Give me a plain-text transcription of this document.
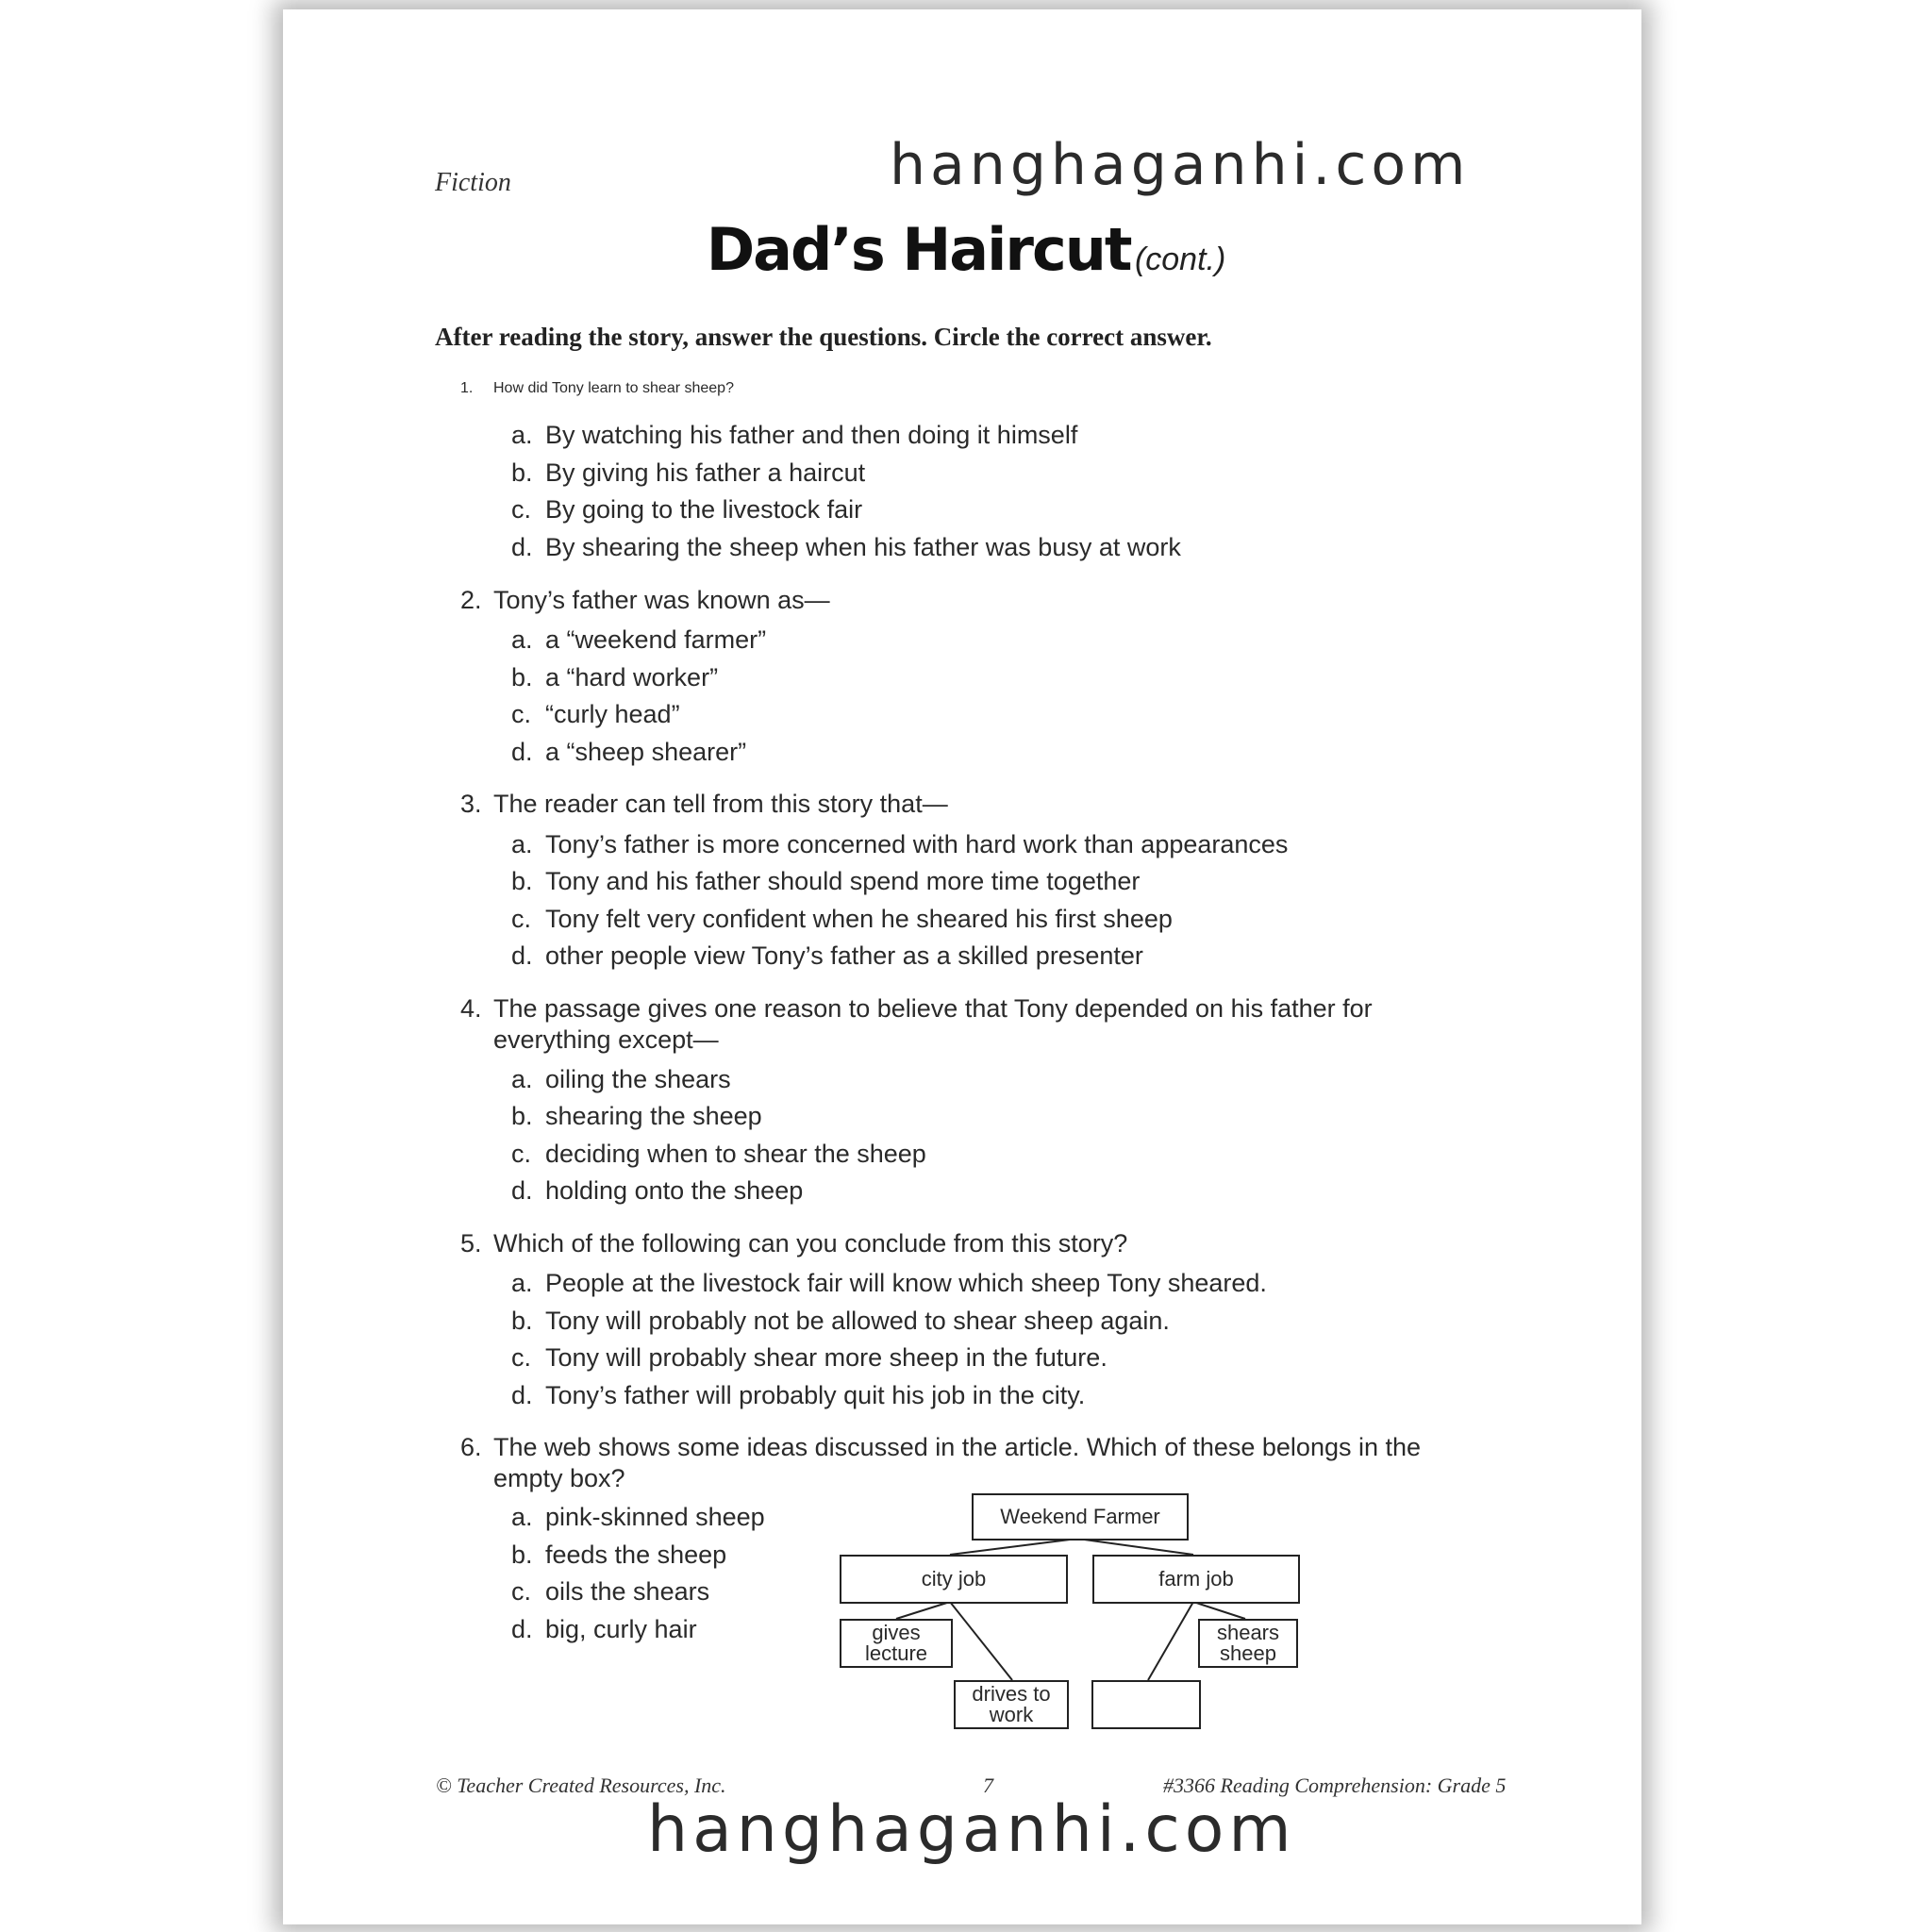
hanghaganhi.com
Fiction
Dad’s Haircut (cont.)
After reading the story, answer the questions. Circle the correct answer.
1.	How did Tony learn to shear sheep?
a. By watching his father and then doing it himself
b. By giving his father a haircut
c. By going to the livestock fair
d. By shearing the sheep when his father was busy at work
2. Tony’s father was known as—
a. a “weekend farmer”
b. a “hard worker”
c. “curly head”
d. a “sheep shearer”
3. The reader can tell from this story that—
a. Tony’s father is more concerned with hard work than appearances
b. Tony and his father should spend more time together
c. Tony felt very confident when he sheared his first sheep
d. other people view Tony’s father as a skilled presenter
4. The passage gives one reason to believe that Tony depended on his father for everything except—
a. oiling the shears
b. shearing the sheep
c. deciding when to shear the sheep
d. holding onto the sheep
5. Which of the following can you conclude from this story?
a. People at the livestock fair will know which sheep Tony sheared.
b. Tony will probably not be allowed to shear sheep again.
c. Tony will probably shear more sheep in the future.
d. Tony’s father will probably quit his job in the city.
6. The web shows some ideas discussed in the article. Which of these belongs in the empty box?
a. pink-skinned sheep
b. feeds the sheep
c. oils the shears
d. big, curly hair
Weekend Farmer
city job	farm job
gives
lecture
drives to
work
shears
sheep
© Teacher Created Resources, Inc.	7	#3366 Reading Comprehension: Grade 5
hanghaganhi.com
